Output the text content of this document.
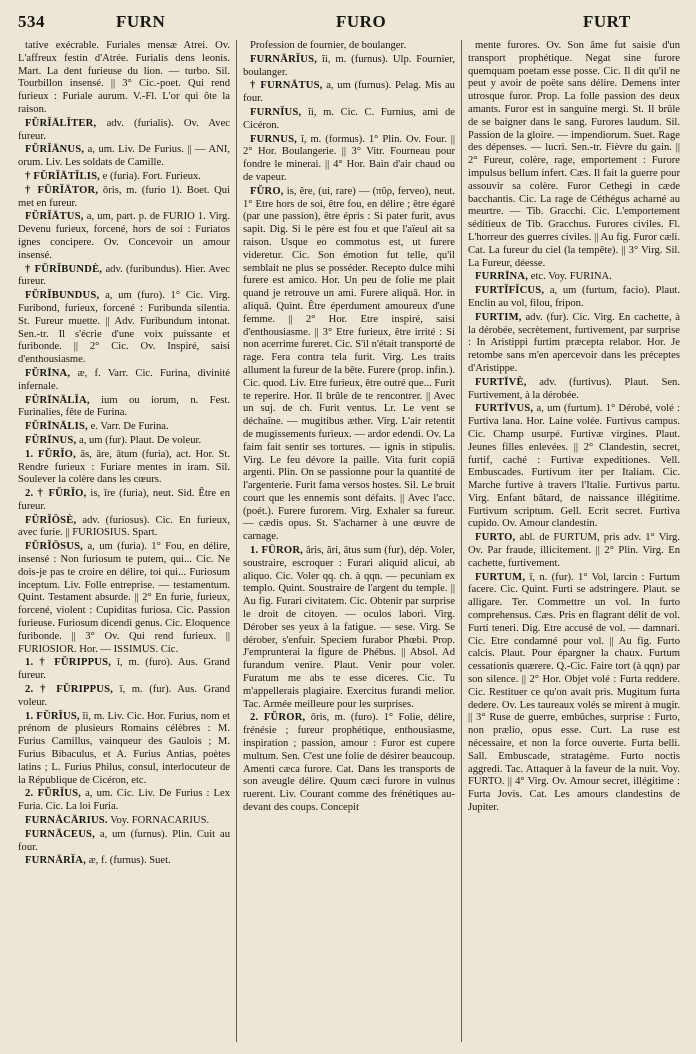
534	FURN	FURO	FURT

tative exécrable. Furiales mensæ Atrei. Ov. L'affreux festin d'Atrée. Furialis dens leonis. Mart. La dent furieuse du lion. — turbo. Sil. Tourbillon insensé. || 3° Cic.-poet. Qui rend furieux : Furiale aurum. V.-Fl. L'or qui ôte la raison.

FŬRĬĀLĬTER, adv. (furialis). Ov. Avec fureur.

FŬRĬĀNUS, a, um. Liv. De Furius. || — ANI, orum. Liv. Les soldats de Camille.

† FŬRĬĀTĬLIS, e (furia). Fort. Furieux.

† FŬRĬĀTOR, ōris, m. (furio 1). Boet. Qui met en fureur.

FŬRĬĀTUS, a, um, part. p. de FURIO 1. Virg. Devenu furieux, forcené, hors de soi : Furiatos ignes concipere. Ov. Concevoir un amour insensé.

† FŬRĬBUNDÈ, adv. (furibundus). Hier. Avec fureur.

FŬRĬBUNDUS, a, um (furo). 1° Cic. Virg. Furibond, furieux, forcené : Furibunda silentia. St. Fureur muette. || Adv. Furibundum intonat. Sen.-tr. Il s'écrie d'une voix puissante et furibonde. || 2° Cic. Ov. Inspiré, saisi d'enthousiasme.

FŬRĪNA, æ, f. Varr. Cic. Furina, divinité infernale.

FŬRĪNĀLĬA, ium ou iorum, n. Fest. Furinalies, fête de Furina.

FŬRĪNĀLIS, e. Varr. De Furina.

FŬRĪNUS, a, um (fur). Plaut. De voleur.

1. FŬRĬO, ās, āre, ātum (furia), act. Hor. St. Rendre furieux : Furiare mentes in iram. Sil. Soulever la colère dans les cœurs.

2. † FŬRĬO, is, īre (furia), neut. Sid. Être en fureur.

FŬRĬŌSÈ, adv. (furiosus). Cic. En furieux, avec furie. || FURIOSIUS. Spart.

FŬRĬŌSUS, a, um (furia). 1° Fou, en délire, insensé : Non furiosum te putem, qui... Cic. Ne dois-je pas te croire en délire, toi qui... Furiosum inceptum. Liv. Folle entreprise. — testamentum. Quint. Testament absurde. || 2° En furie, furieux, forcené, violent : Cupiditas furiosa. Cic. Passion furieuse. Furiosum dicendi genus. Cic. Eloquence furibonde. || 3° Ov. Qui rend furieux. || FURIOSIOR. Hor. — ISSIMUS. Cic.

1. † FŬRIPPUS, ī, m. (furo). Aus. Grand fureur.

2. † FŬRIPPUS, ī, m. (fur). Aus. Grand voleur.

1. FŬRĬUS, ĭi, m. Liv. Cic. Hor. Furius, nom et prénom de plusieurs Romains célèbres : M. Furius Camillus, vainqueur des Gaulois ; M. Furius Bibaculus, et A. Furius Antias, poètes latins ; L. Furius Philus, consul, interlocuteur de la République de Cicéron, etc.

2. FŬRĬUS, a, um. Cic. Liv. De Furius : Lex Furia. Cic. La loi Furia.

FURNĀCĀRIUS. Voy. FORNACARIUS.

FURNĀCEUS, a, um (furnus). Plin. Cuit au four.

FURNĀRĬA, æ, f. (furnus). Suet.

Profession de fournier, de boulanger.

FURNĀRĬUS, ĭi, m. (furnus). Ulp. Fournier, boulanger.

† FURNĀTUS, a, um (furnus). Pelag. Mis au four.

FURNĬUS, ĭi, m. Cic. C. Furnius, ami de Cicéron.

FURNUS, ī, m. (formus). 1° Plin. Ov. Four. || 2° Hor. Boulangerie. || 3° Vitr. Fourneau pour fondre le minerai. || 4° Hor. Bain d'air chaud ou de vapeur.

FŬRO, is, ĕre, (ui, rare) — (πῦρ, ferveo), neut. 1° Etre hors de soi, être fou, en délire ; être égaré (par une passion), être épris : Si pater furit, avus sapit. Dig. Si le père est fou et que l'aïeul ait sa raison. Usque eo commotus est, ut furere videretur. Cic. Son émotion fut telle, qu'il semblait ne plus se posséder. Recepto dulce mihi furere est amico. Hor. Un peu de folie me plait quand je retrouve un ami. Furere aliquā. Hor. in aliquā. Quint. Être éperdument amoureux d'une femme. || 2° Hor. Etre inspiré, saisi d'enthousiasme. || 3° Etre furieux, être irrité : Si non acerrime fureret. Cic. S'il n'était transporté de rage. Fera contra tela furit. Virg. Les traits allument la fureur de la bête. Furere (prop. infin.). Cic. quod. Liv. Etre furieux, être outré que... Furit te reperire. Hor. Il brûle de te rencontrer. || Avec un suj. de ch. Furit ventus. Lr. Le vent se déchaîne. — mugitibus æther. Virg. L'air retentit de mugissements furieux. — ardor edendi. Ov. La faim fait sentir ses tortures. — ignis in stipulis. Virg. Le feu dévore la paille. Vita furit copiā argenti. Plin. On se passionne pour la quantité de l'argenterie. Furit fama versos hostes. Sil. Le bruit court que les ennemis sont défaits. || Avec l'acc. (poét.). Furere furorem. Virg. Exhaler sa fureur. — cædis opus. St. S'acharner à une œuvre de carnage.

1. FŪROR, āris, ări, ātus sum (fur), dép. Voler, soustraire, escroquer : Furari aliquid alicui, ab aliquo. Cic. Voler qq. ch. à qqn. — pecuniam ex templo. Quint. Soustraire de l'argent du temple. || Au fig. Furari civitatem. Cic. Obtenir par surprise le droit de citoyen. — oculos labori. Virg. Dérober ses yeux à la fatigue. — sese. Virg. Se dérober, s'enfuir. Speciem furabor Phœbi. Prop. J'emprunterai la figure de Phébus. || Absol. Ad furandum venire. Plaut. Venir pour voler. Furatum me abs te esse diceres. Cic. Tu m'appellerais plagiaire. Exercitus furandi melior. Tac. Armée meilleure pour les surprises.

2. FŬROR, ōris, m. (furo). 1° Folie, délire, frénésie ; fureur prophétique, enthousiasme, inspiration ; passion, amour : Furor est cupere multum. Sen. C'est une folie de désirer beaucoup. Amenti cæca furore. Cat. Dans les transports de son aveugle délire. Quum cæci furore in vulnus ruerent. Liv. Courant comme des frénétiques au-devant des coups. Concepit

mente furores. Ov. Son âme fut saisie d'un transport prophétique. Negat sine furore quemquam poetam esse posse. Cic. Il dit qu'il ne peut y avoir de poëte sans délire. Demens inter utrosque furor. Prop. La folle passion des deux amants. Furor est in sanguine mergi. St. Il brûle de se baigner dans le sang. Furores laudum. Sil. Passion de la gloire. — impendiorum. Suet. Rage des dépenses. — lucri. Sen.-tr. Fièvre du gain. || 2° Fureur, colère, rage, emportement : Furore impulsus bellum infert. Cæs. Il fait la guerre pour assouvir sa colère. Furor Cethegi in cæde bacchantis. Cic. La rage de Céthégus acharné au meurtre. — Tib. Gracchi. Cic. L'emportement séditieux de Tib. Gracchus. Furores civiles. Fl. L'horreur des guerres civiles. || Au fig. Furor cæli. Cat. La fureur du ciel (la tempête). || 3° Virg. Sil. La Fureur, déesse.

FURRĪNA, etc. Voy. FURINA.

FURTĬFĬCUS, a, um (furtum, facio). Plaut. Enclin au vol, filou, fripon.

FURTIM, adv. (fur). Cic. Virg. En cachette, à la dérobée, secrètement, furtivement, par surprise : In Aristippi furtim præcepta relabor. Hor. Je retombe sans m'en apercevoir dans les préceptes d'Aristippe.

FURTĪVÈ, adv. (furtivus). Plaut. Sen. Furtivement, à la dérobée.

FURTĪVUS, a, um (furtum). 1° Dérobé, volé : Furtiva lana. Hor. Laine volée. Furtivus campus. Cic. Champ usurpé. Furtivæ virgines. Plaut. Jeunes filles enlevées. || 2° Clandestin, secret, furtif, caché : Furtivæ expeditiones. Vell. Embuscades. Furtivum iter per Italiam. Cic. Marche furtive à travers l'Italie. Furtivus partu. Virg. Enfant bâtard, de naissance illégitime. Furtivum scriptum. Gell. Ecrit secret. Furtiva cupido. Ov. Amour clandestin.

FURTO, abl. de FURTUM, pris adv. 1° Virg. Ov. Par fraude, illicitement. || 2° Plin. Virg. En cachette, furtivement.

FURTUM, ī, n. (fur). 1° Vol, larcin : Furtum facere. Cic. Quint. Furti se adstringere. Plaut. se alligare. Ter. Commettre un vol. In furto comprehensus. Cæs. Pris en flagrant délit de vol. Furti teneri. Dig. Etre accusé de vol. — damnari. Cic. Etre condamné pour vol. || Au fig. Furto calcis. Plaut. Pour épargner la chaux. Furtum cessationis quærere. Q.-Cic. Faire tort (à qqn) par son silence. || 2° Hor. Objet volé : Furta reddere. Cic. Restituer ce qu'on avait pris. Mugitum furta dedere. Ov. Les taureaux volés se mirent à mugir. || 3° Ruse de guerre, embûches, surprise : Furto, non prælio, opus esse. Curt. La ruse est nécessaire, et non la force ouverte. Furta belli. Sall. Embuscade, stratagème. Furto noctis aggredi. Tac. Attaquer à la faveur de la nuit. Voy. FURTO. || 4° Virg. Ov. Amour secret, illégitime : Furta Jovis. Cat. Les amours clandestins de Jupiter.
